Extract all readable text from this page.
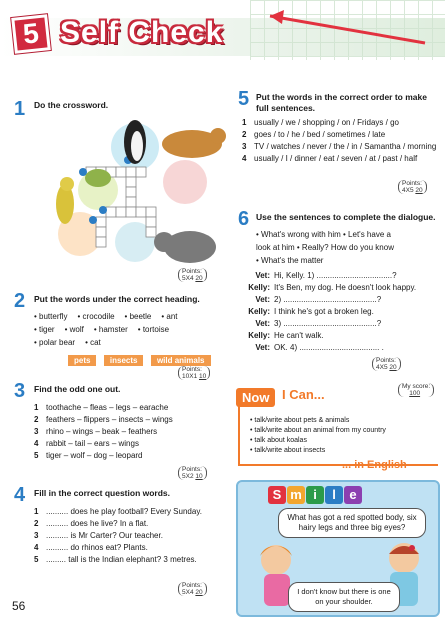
5 Self Check
1 Do the crossword.
Points:
5X4 20
2 Put the words under the correct heading.
• butterfly • crocodile • beetle • ant
• tiger • wolf • hamster • tortoise
• polar bear • cat
pets insects wild animals
Points:
10X1 10
3 Find the odd one out.
1 toothache – fleas – legs – earache
2 feathers – flippers – insects – wings
3 rhino – wings – beak – feathers
4 rabbit – tail – ears – wings
5 tiger – wolf – dog – leopard
Points:
5X2 10
4 Fill in the correct question words.
1 .......... does he play football? Every Sunday.
2 .......... does he live? In a flat.
3 .......... is Mr Carter? Our teacher.
4 .......... do rhinos eat? Plants.
5 ......... tall is the Indian elephant? 3 metres.
Points:
5X4 20
56
5 Put the words in the correct order to make full sentences.
1 usually / we / shopping / on / Fridays / go
2 goes / to / he / bed / sometimes / late
3 TV / watches / never / the / in / Samantha / morning
4 usually / I / dinner / eat / seven / at / past / half
Points:
4X5 20
6 Use the sentences to complete the dialogue.
• What's wrong with him • Let's have a
look at him • Really? How do you know
• What's the matter
Vet: Hi, Kelly. 1) ..................................?
Kelly: It's Ben, my dog. He doesn't look happy.
Vet: 2) ..........................................?
Kelly: I think he's got a broken leg.
Vet: 3) ..........................................?
Kelly: He can't walk.
Vet: OK. 4) .................................... .
Points:
4X5 20
My score:
100
Now I Can...
• talk/write about pets & animals
• talk/write about an animal from my country
• talk about koalas
• talk/write about insects
... in English
S m i l e
What has got a red spotted body, six hairy legs and three big eyes?
I don't know but there is one on your shoulder.
